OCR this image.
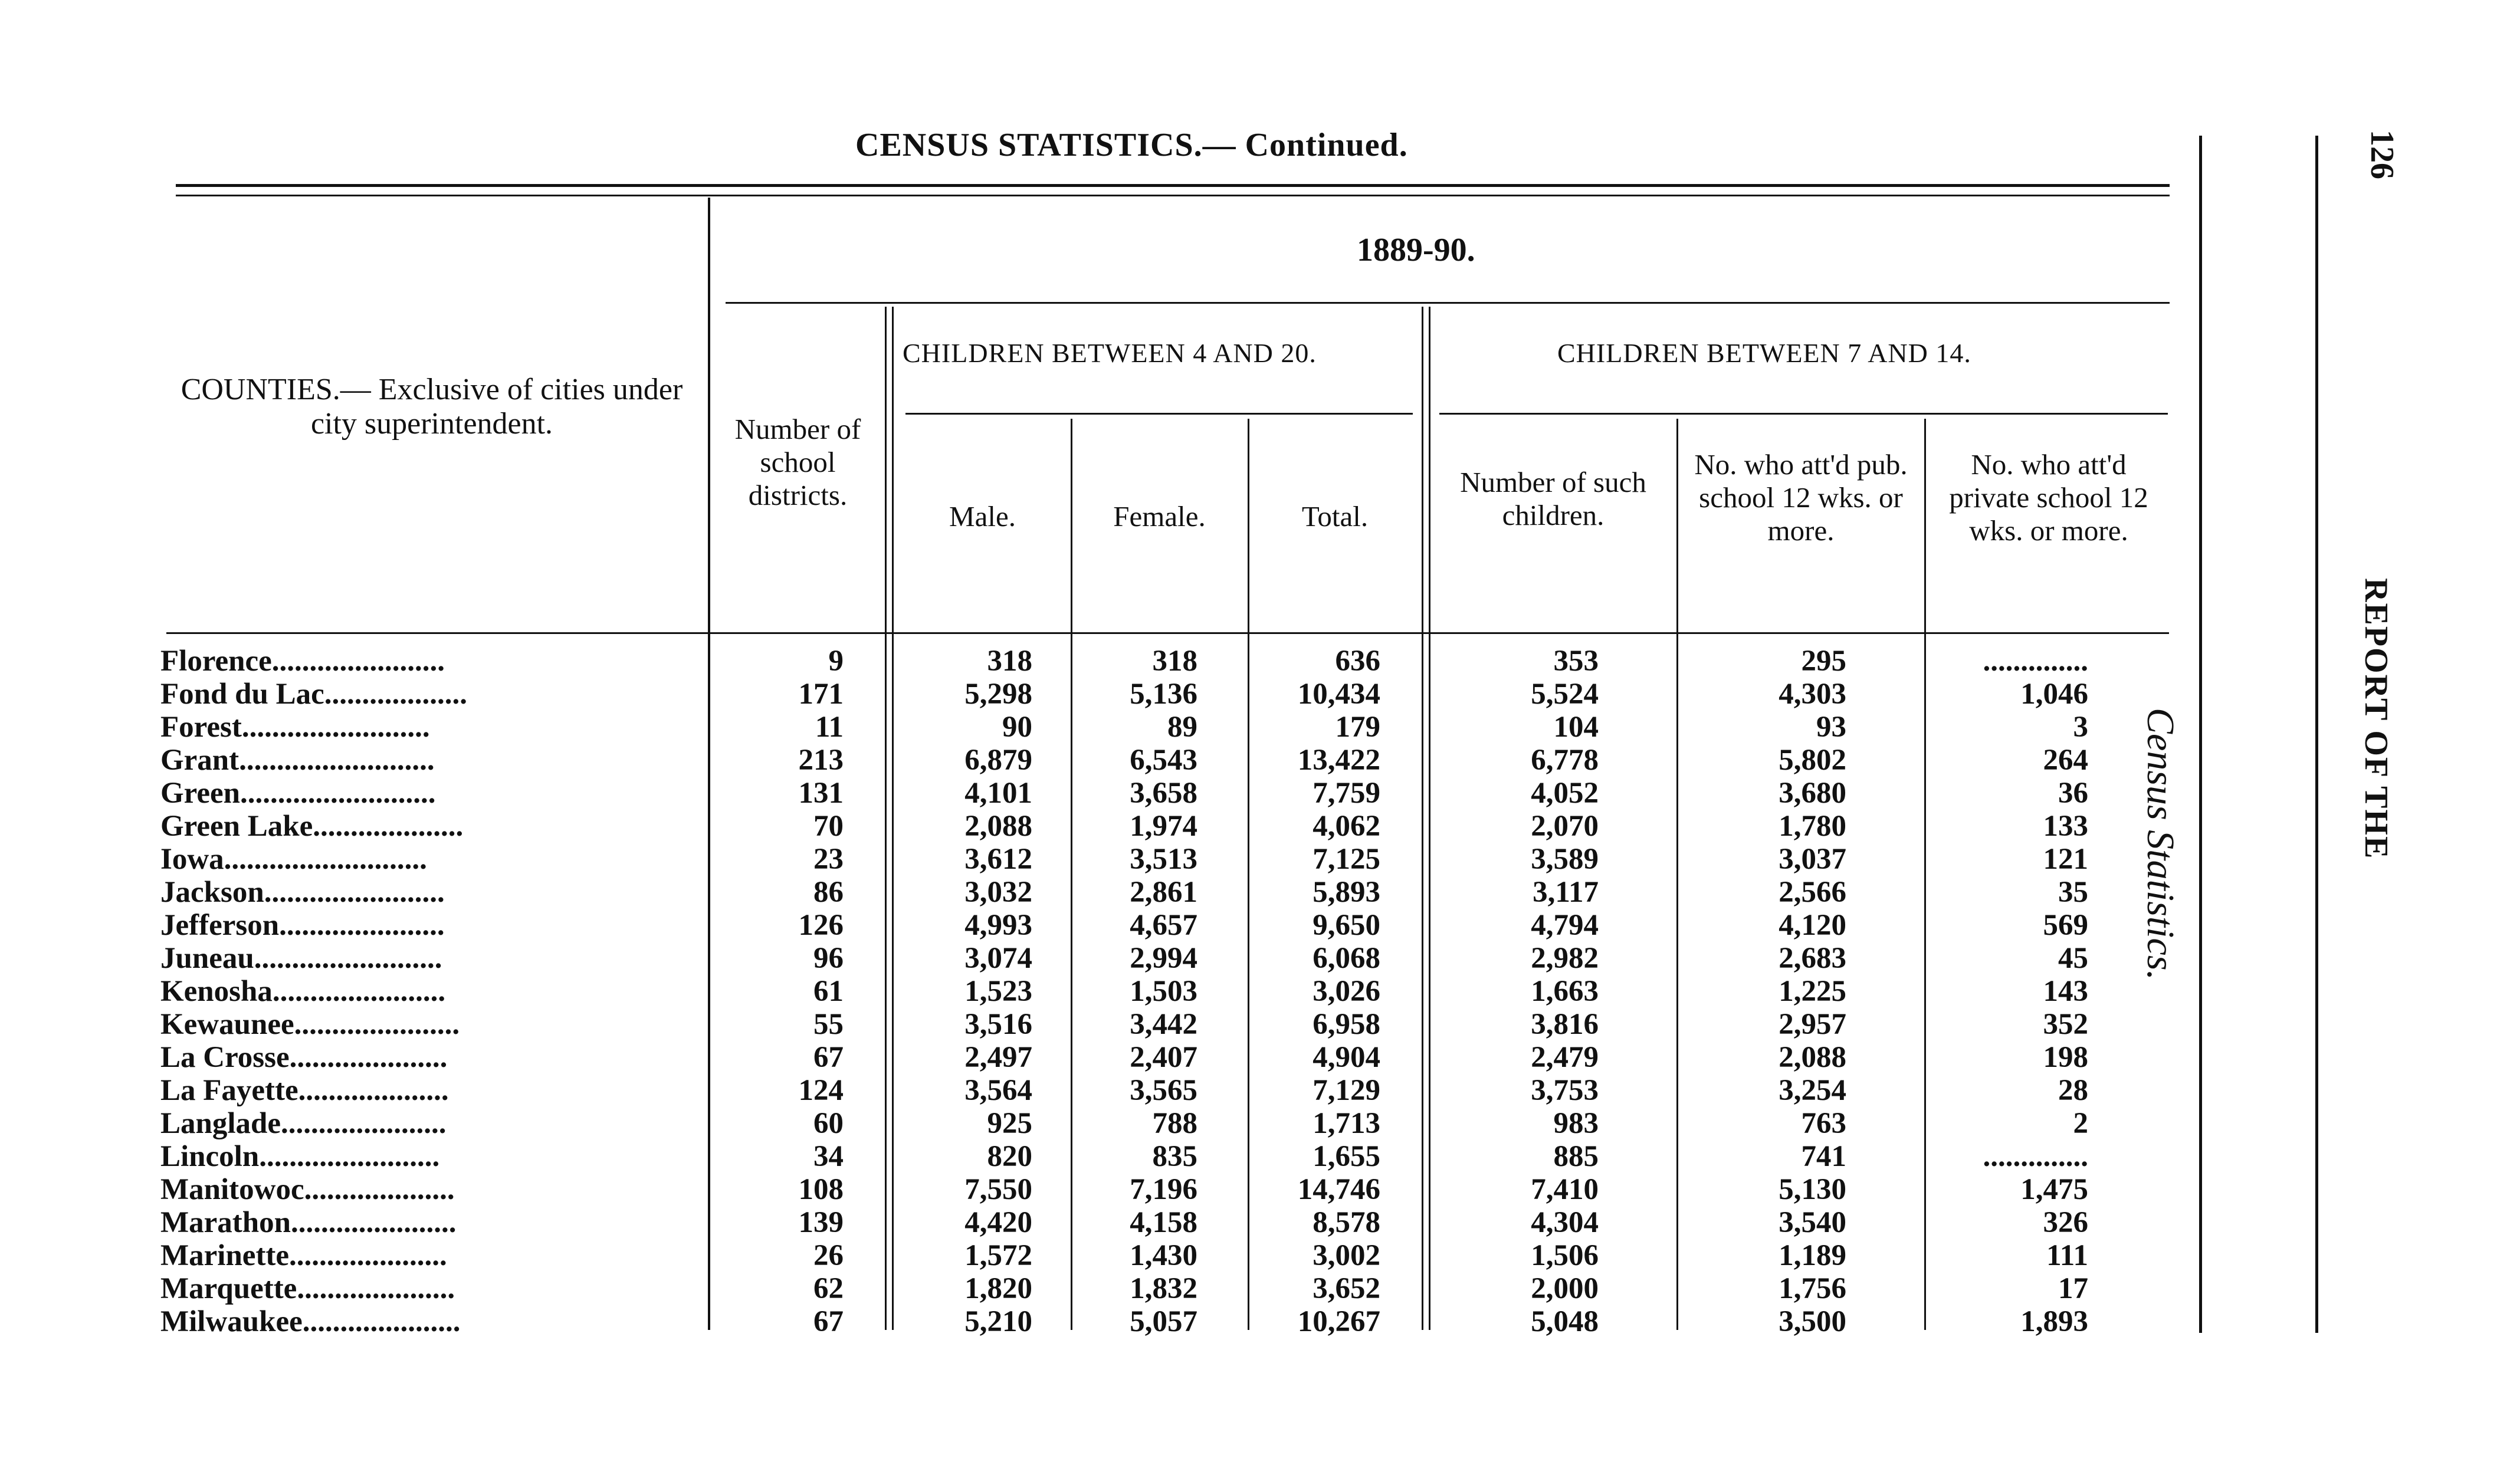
CENSUS STATISTICS.— Continued.
1889-90.
CHILDREN BETWEEN 4 AND 20.	CHILDREN BETWEEN 7 AND 14.
COUNTIES.— Exclusive of cities under city superintendent.	Number of school districts.
Male.	Female.	Total.
Number of such children.
No. who att'd pub. school 12 wks. or more.
No. who att'd private school 12 wks. or more.
Florence.......................	9	318	318	636	353	295	..............
Fond du Lac...................	171	5,298	5,136	10,434	5,524	4,303	1,046
Forest.........................	11	90	89	179	104	93	3
Grant..........................	213	6,879	6,543	13,422	6,778	5,802	264
Green..........................	131	4,101	3,658	7,759	4,052	3,680	36
Green Lake....................	70	2,088	1,974	4,062	2,070	1,780	133
Iowa...........................	23	3,612	3,513	7,125	3,589	3,037	121
Jackson........................	86	3,032	2,861	5,893	3,117	2,566	35
Jefferson......................	126	4,993	4,657	9,650	4,794	4,120	569
Juneau.........................	96	3,074	2,994	6,068	2,982	2,683	45
Kenosha.......................	61	1,523	1,503	3,026	1,663	1,225	143
Kewaunee......................	55	3,516	3,442	6,958	3,816	2,957	352
La Crosse.....................	67	2,497	2,407	4,904	2,479	2,088	198
La Fayette....................	124	3,564	3,565	7,129	3,753	3,254	28
Langlade......................	60	925	788	1,713	983	763	2
Lincoln........................	34	820	835	1,655	885	741	..............
Manitowoc....................	108	7,550	7,196	14,746	7,410	5,130	1,475
Marathon......................	139	4,420	4,158	8,578	4,304	3,540	326
Marinette.....................	26	1,572	1,430	3,002	1,506	1,189	111
Marquette.....................	62	1,820	1,832	3,652	2,000	1,756	17
Milwaukee.....................	67	5,210	5,057	10,267	5,048	3,500	1,893
Census Statistics.	REPORT OF THE
126
